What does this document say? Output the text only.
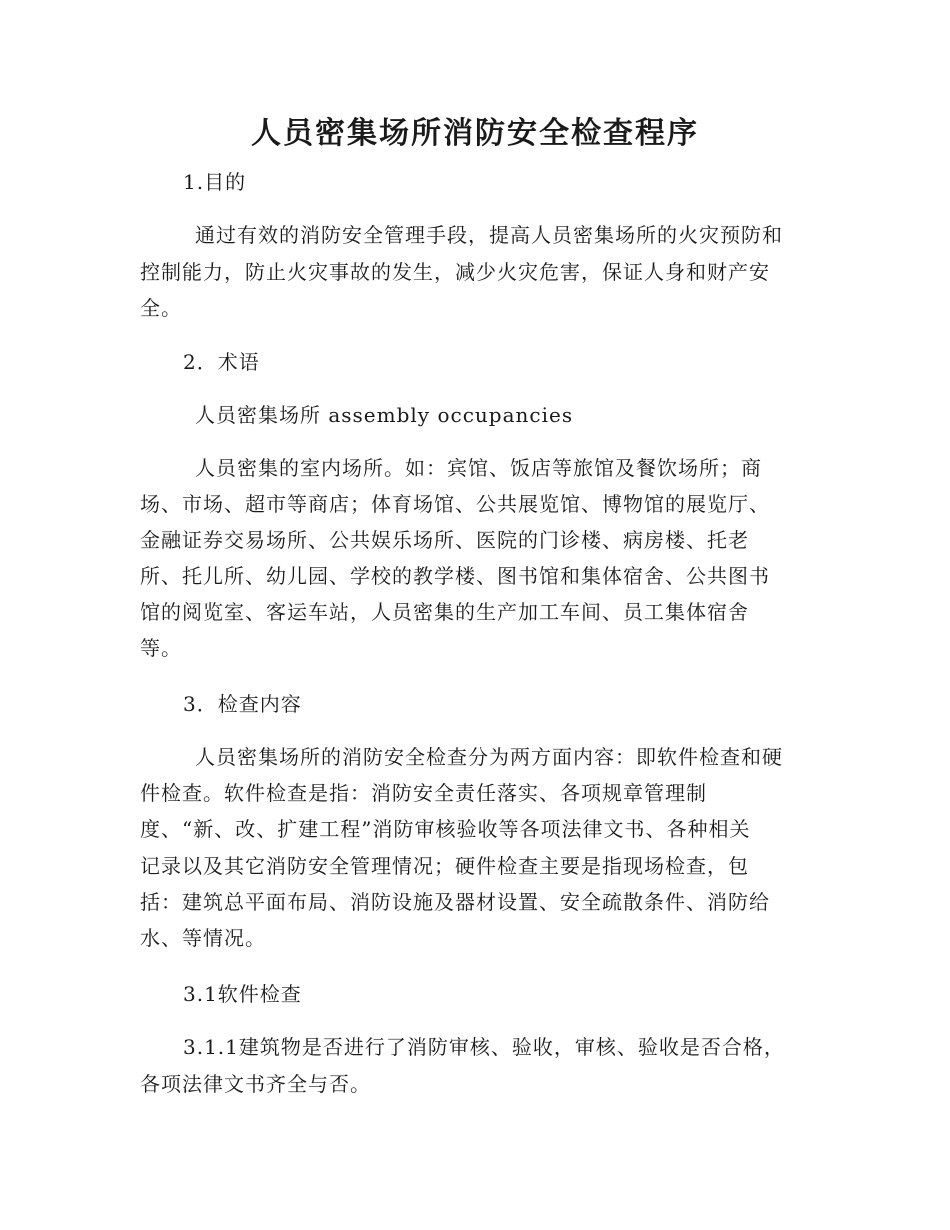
人员密集场所消防安全检查程序

1.目的

通过有效的消防安全管理手段，提高人员密集场所的火灾预防和

控制能力，防止火灾事故的发生，减少火灾危害，保证人身和财产安

全。

2．术语

人员密集场所 assembly occupancies

人员密集的室内场所。如：宾馆、饭店等旅馆及餐饮场所；商

场、市场、超市等商店；体育场馆、公共展览馆、博物馆的展览厅、

金融证券交易场所、公共娱乐场所、医院的门诊楼、病房楼、托老

所、托儿所、幼儿园、学校的教学楼、图书馆和集体宿舍、公共图书

馆的阅览室、客运车站，人员密集的生产加工车间、员工集体宿舍

等。

3．检查内容

人员密集场所的消防安全检查分为两方面内容：即软件检查和硬

件检查。软件检查是指：消防安全责任落实、各项规章管理制

度、“新、改、扩建工程”消防审核验收等各项法律文书、各种相关

记录以及其它消防安全管理情况；硬件检查主要是指现场检查，包

括：建筑总平面布局、消防设施及器材设置、安全疏散条件、消防给

水、等情况。

3.1软件检查

3.1.1建筑物是否进行了消防审核、验收，审核、验收是否合格，

各项法律文书齐全与否。
